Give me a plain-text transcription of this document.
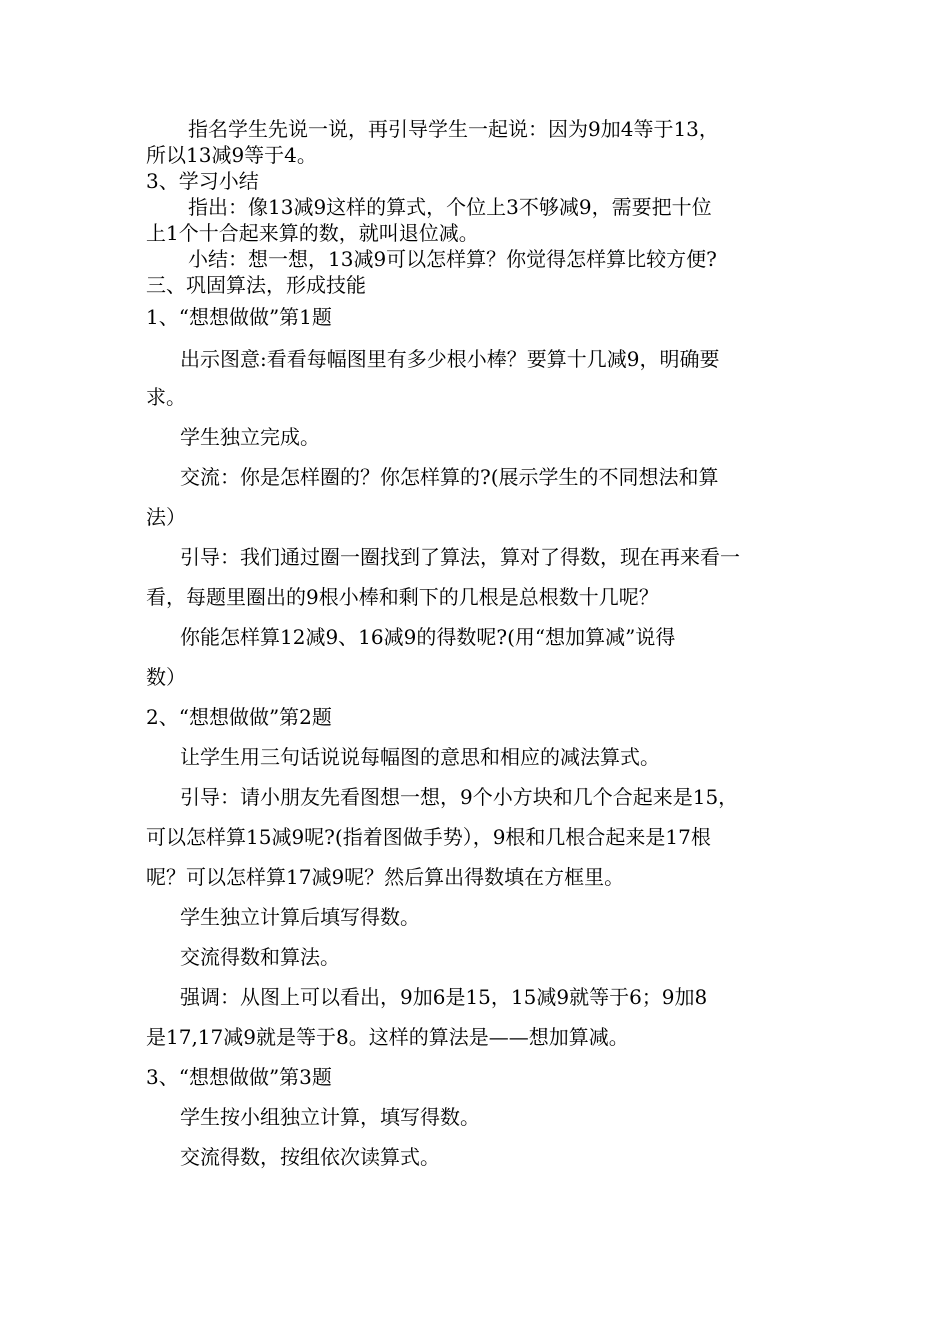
指名学生先说一说，再引导学生一起说：因为9加4等于13，
所以13减9等于4。
3、学习小结
指出：像13减9这样的算式，个位上3不够减9，需要把十位
上1个十合起来算的数，就叫退位减。
小结：想一想，13减9可以怎样算？你觉得怎样算比较方便?
三、巩固算法，形成技能
1、“想想做做”第1题
出示图意:看看每幅图里有多少根小棒？要算十几减9，明确要
求。
学生独立完成。
交流：你是怎样圈的？你怎样算的?(展示学生的不同想法和算
法）
引导：我们通过圈一圈找到了算法，算对了得数，现在再来看一
看，每题里圈出的9根小棒和剩下的几根是总根数十几呢？
你能怎样算12减9、16减9的得数呢?(用“想加算减”说得
数）
2、“想想做做”第2题
让学生用三句话说说每幅图的意思和相应的减法算式。
引导：请小朋友先看图想一想，9个小方块和几个合起来是15，
可以怎样算15减9呢?(指着图做手势），9根和几根合起来是17根
呢？可以怎样算17减9呢？然后算出得数填在方框里。
学生独立计算后填写得数。
交流得数和算法。
强调：从图上可以看出，9加6是15，15减9就等于6；9加8
是17,17减9就是等于8。这样的算法是——想加算减。
3、“想想做做”第3题
学生按小组独立计算，填写得数。
交流得数，按组依次读算式。
